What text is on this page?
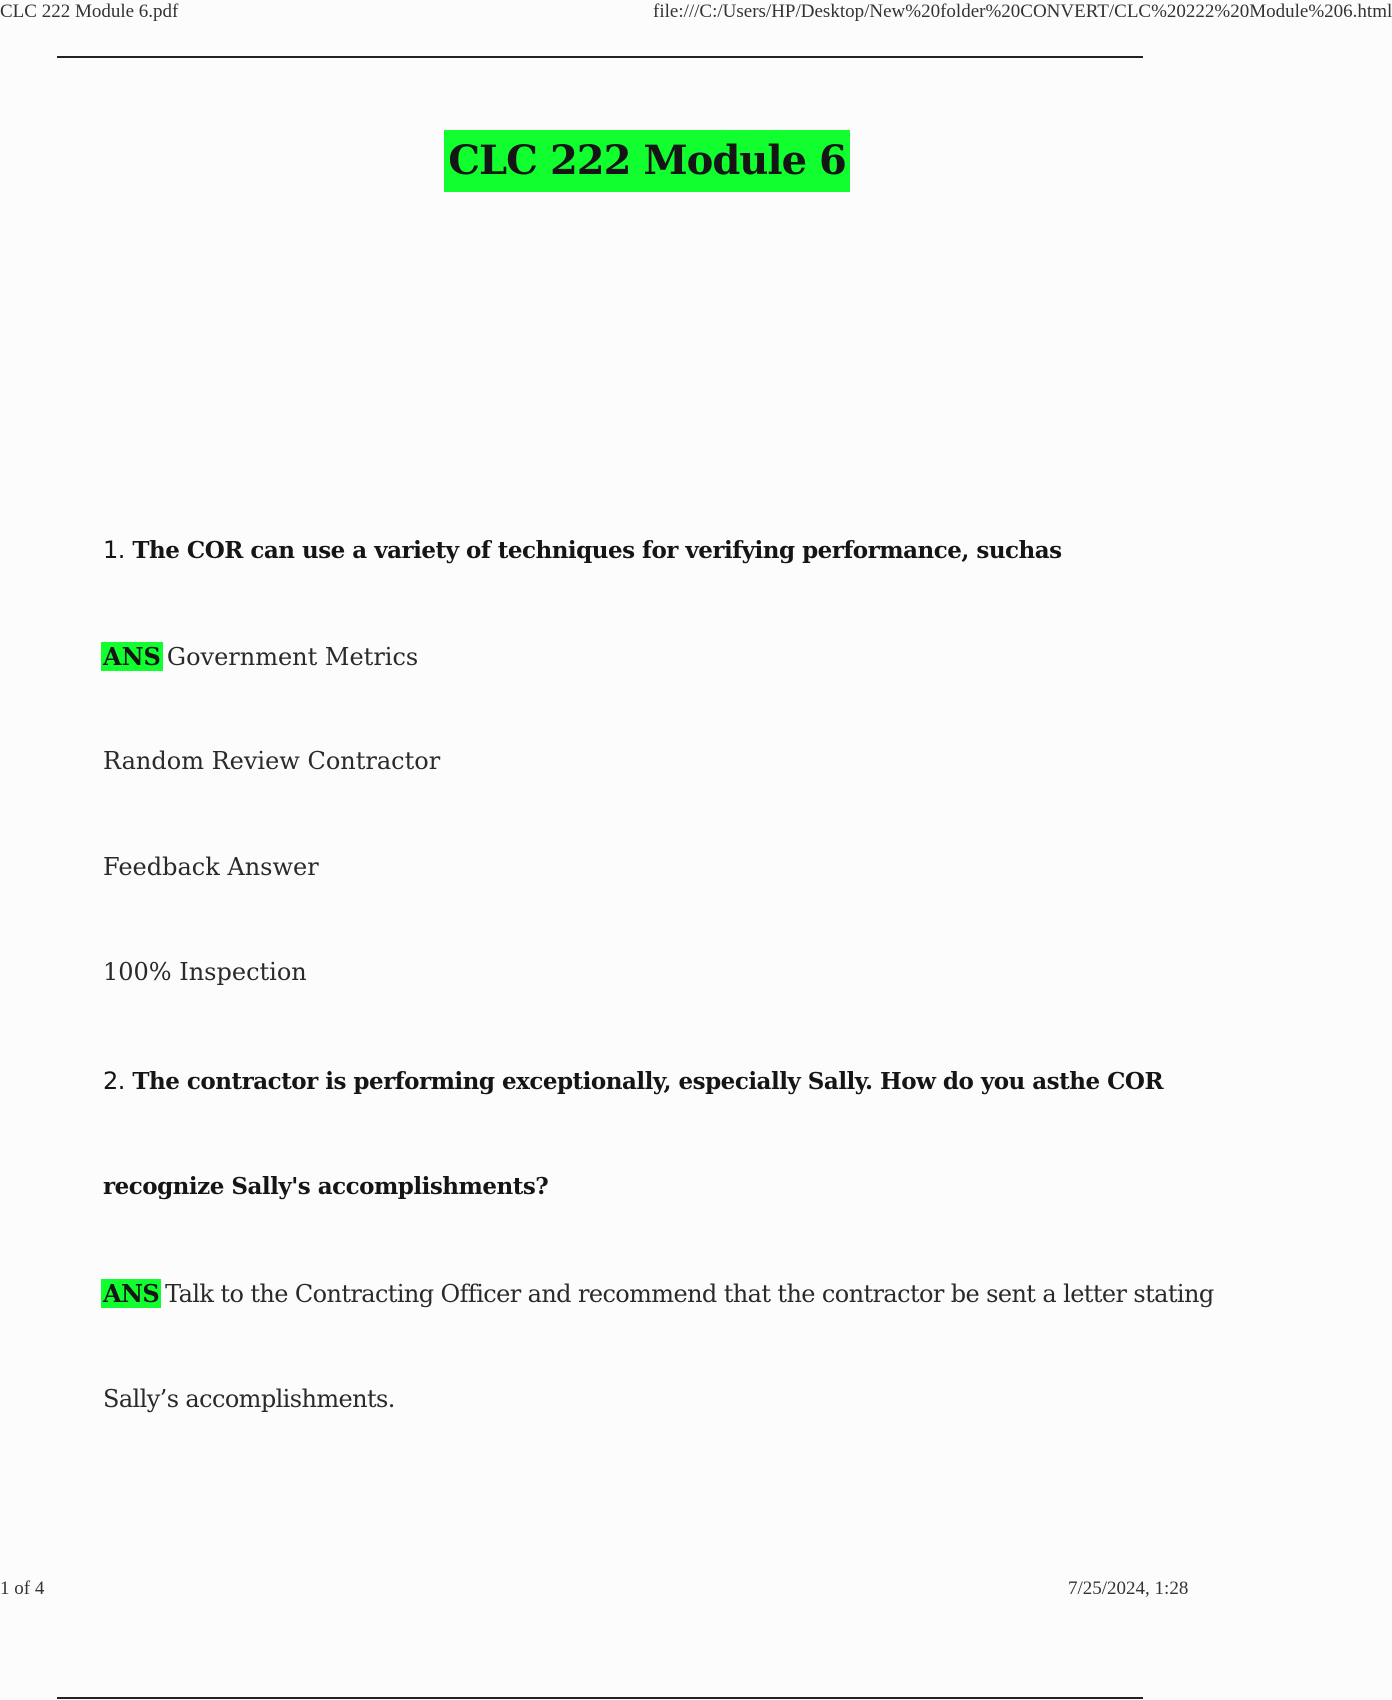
CLC 222 Module 6.pdf	file:///C:/Users/HP/Desktop/New%20folder%20CONVERT/CLC%20222%20Module%206.html
CLC 222 Module 6
1. The COR can use a variety of techniques for verifying performance, suchas
ANS Government Metrics
Random Review Contractor
Feedback Answer
100% Inspection
2. The contractor is performing exceptionally, especially Sally. How do you asthe COR
recognize Sally's accomplishments?
ANS Talk to the Contracting Officer and recommend that the contractor be sent a letter stating
Sally’s accomplishments.
1 of 4	7/25/2024, 1:28
